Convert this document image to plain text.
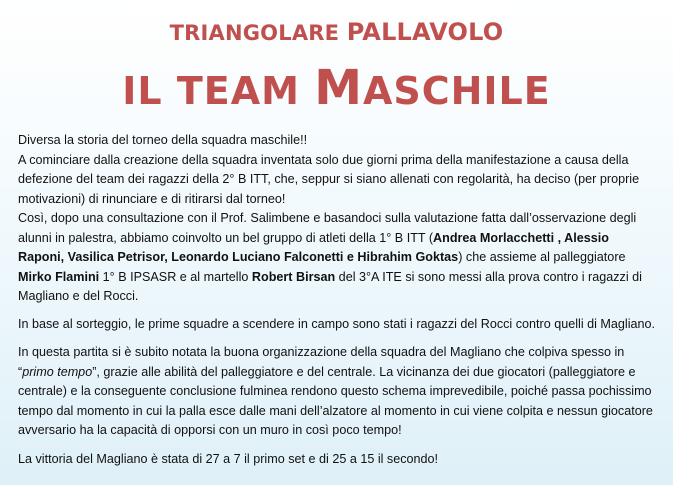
TRIANGOLARE PALLAVOLO
IL TEAM MASCHILE

Diversa la storia del torneo della squadra maschile!!
A cominciare dalla creazione della squadra inventata solo due giorni prima della manifestazione a causa della defezione del team dei ragazzi della 2° B ITT, che, seppur si siano allenati con regolarità, ha deciso (per proprie motivazioni) di rinunciare e di ritirarsi dal torneo!
Così, dopo una consultazione con il Prof. Salimbene e basandoci sulla valutazione fatta dall’osservazione degli alunni in palestra, abbiamo coinvolto un bel gruppo di atleti della 1° B ITT (Andrea Morlacchetti , Alessio Raponi, Vasilica Petrisor, Leonardo Luciano Falconetti e Hibrahim Goktas) che assieme al palleggiatore Mirko Flamini 1° B IPSASR e al martello Robert Birsan del 3°A ITE si sono messi alla prova contro i ragazzi di Magliano e del Rocci.

In base al sorteggio, le prime squadre a scendere in campo sono stati i ragazzi del Rocci contro quelli di Magliano.

In questa partita si è subito notata la buona organizzazione della squadra del Magliano che colpiva spesso in “primo tempo”, grazie alle abilità del palleggiatore e del centrale. La vicinanza dei due giocatori (palleggiatore e centrale) e la conseguente conclusione fulminea rendono questo schema imprevedibile, poiché passa pochissimo tempo dal momento in cui la palla esce dalle mani dell’alzatore al momento in cui viene colpita e nessun giocatore avversario ha la capacità di opporsi con un muro in così poco tempo!

La vittoria del Magliano è stata di 27 a 7 il primo set e di 25 a 15 il secondo!
